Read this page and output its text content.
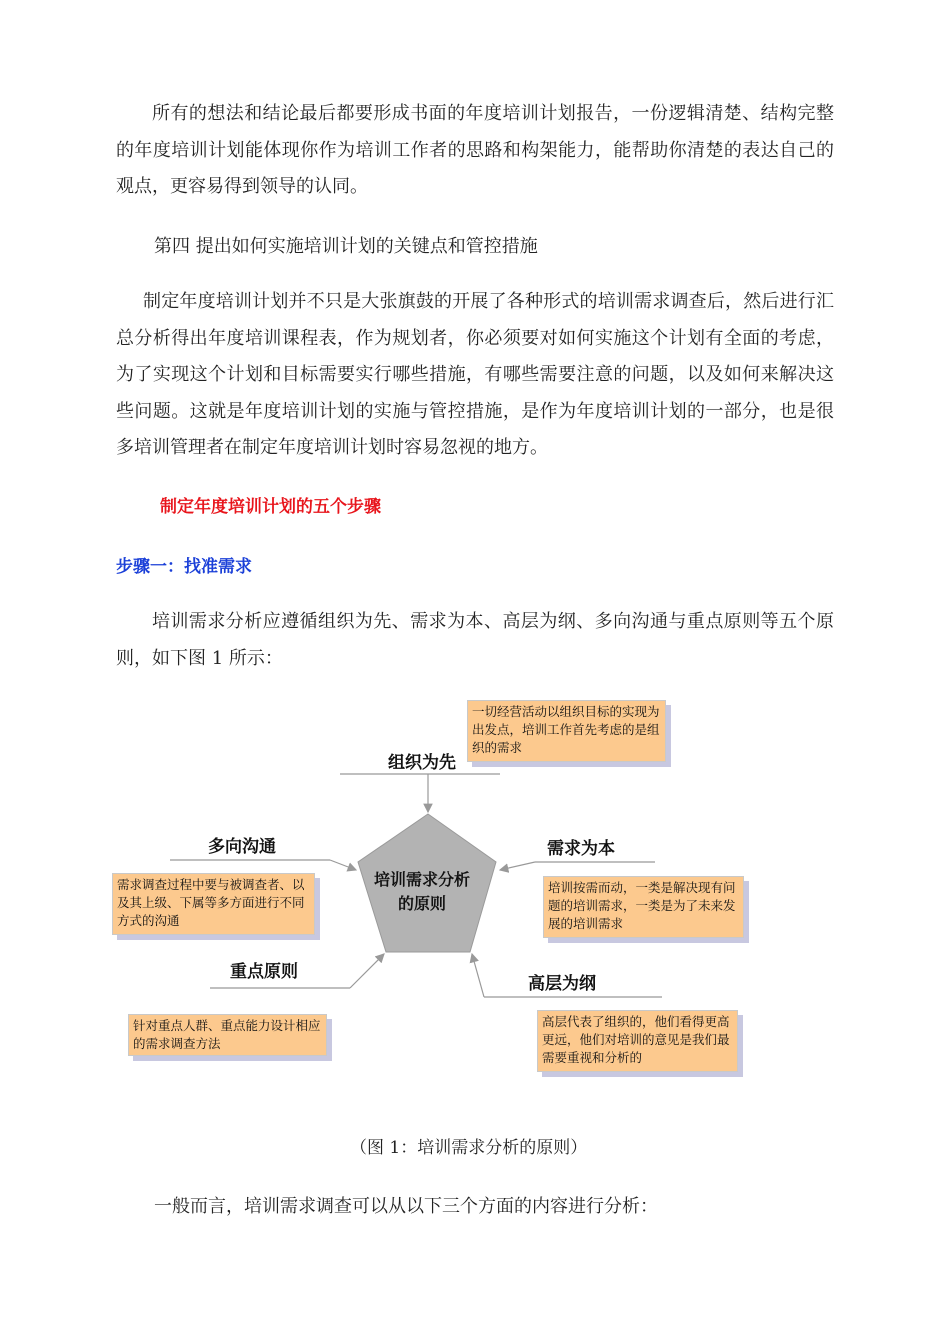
所有的想法和结论最后都要形成书面的年度培训计划报告，一份逻辑清楚、结构完整的年度培训计划能体现你作为培训工作者的思路和构架能力，能帮助你清楚的表达自己的观点，更容易得到领导的认同。

第四 提出如何实施培训计划的关键点和管控措施

制定年度培训计划并不只是大张旗鼓的开展了各种形式的培训需求调查后，然后进行汇总分析得出年度培训课程表，作为规划者，你必须要对如何实施这个计划有全面的考虑，为了实现这个计划和目标需要实行哪些措施，有哪些需要注意的问题，以及如何来解决这些问题。这就是年度培训计划的实施与管控措施，是作为年度培训计划的一部分，也是很多培训管理者在制定年度培训计划时容易忽视的地方。

制定年度培训计划的五个步骤

步骤一：找准需求

培训需求分析应遵循组织为先、需求为本、高层为纲、多向沟通与重点原则等五个原则，如下图 1 所示：

培训需求分析
的原则
组织为先
多向沟通	需求为本
重点原则
高层为纲
一切经营活动以组织目标的实现为出发点，培训工作首先考虑的是组织的需求
需求调查过程中要与被调查者、以及其上级、下属等多方面进行不同方式的沟通
培训按需而动，一类是解决现有问题的培训需求，一类是为了未来发展的培训需求
针对重点人群、重点能力设计相应的需求调查方法
高层代表了组织的，他们看得更高更远，他们对培训的意见是我们最需要重视和分析的

（图 1：培训需求分析的原则）

一般而言，培训需求调查可以从以下三个方面的内容进行分析：
